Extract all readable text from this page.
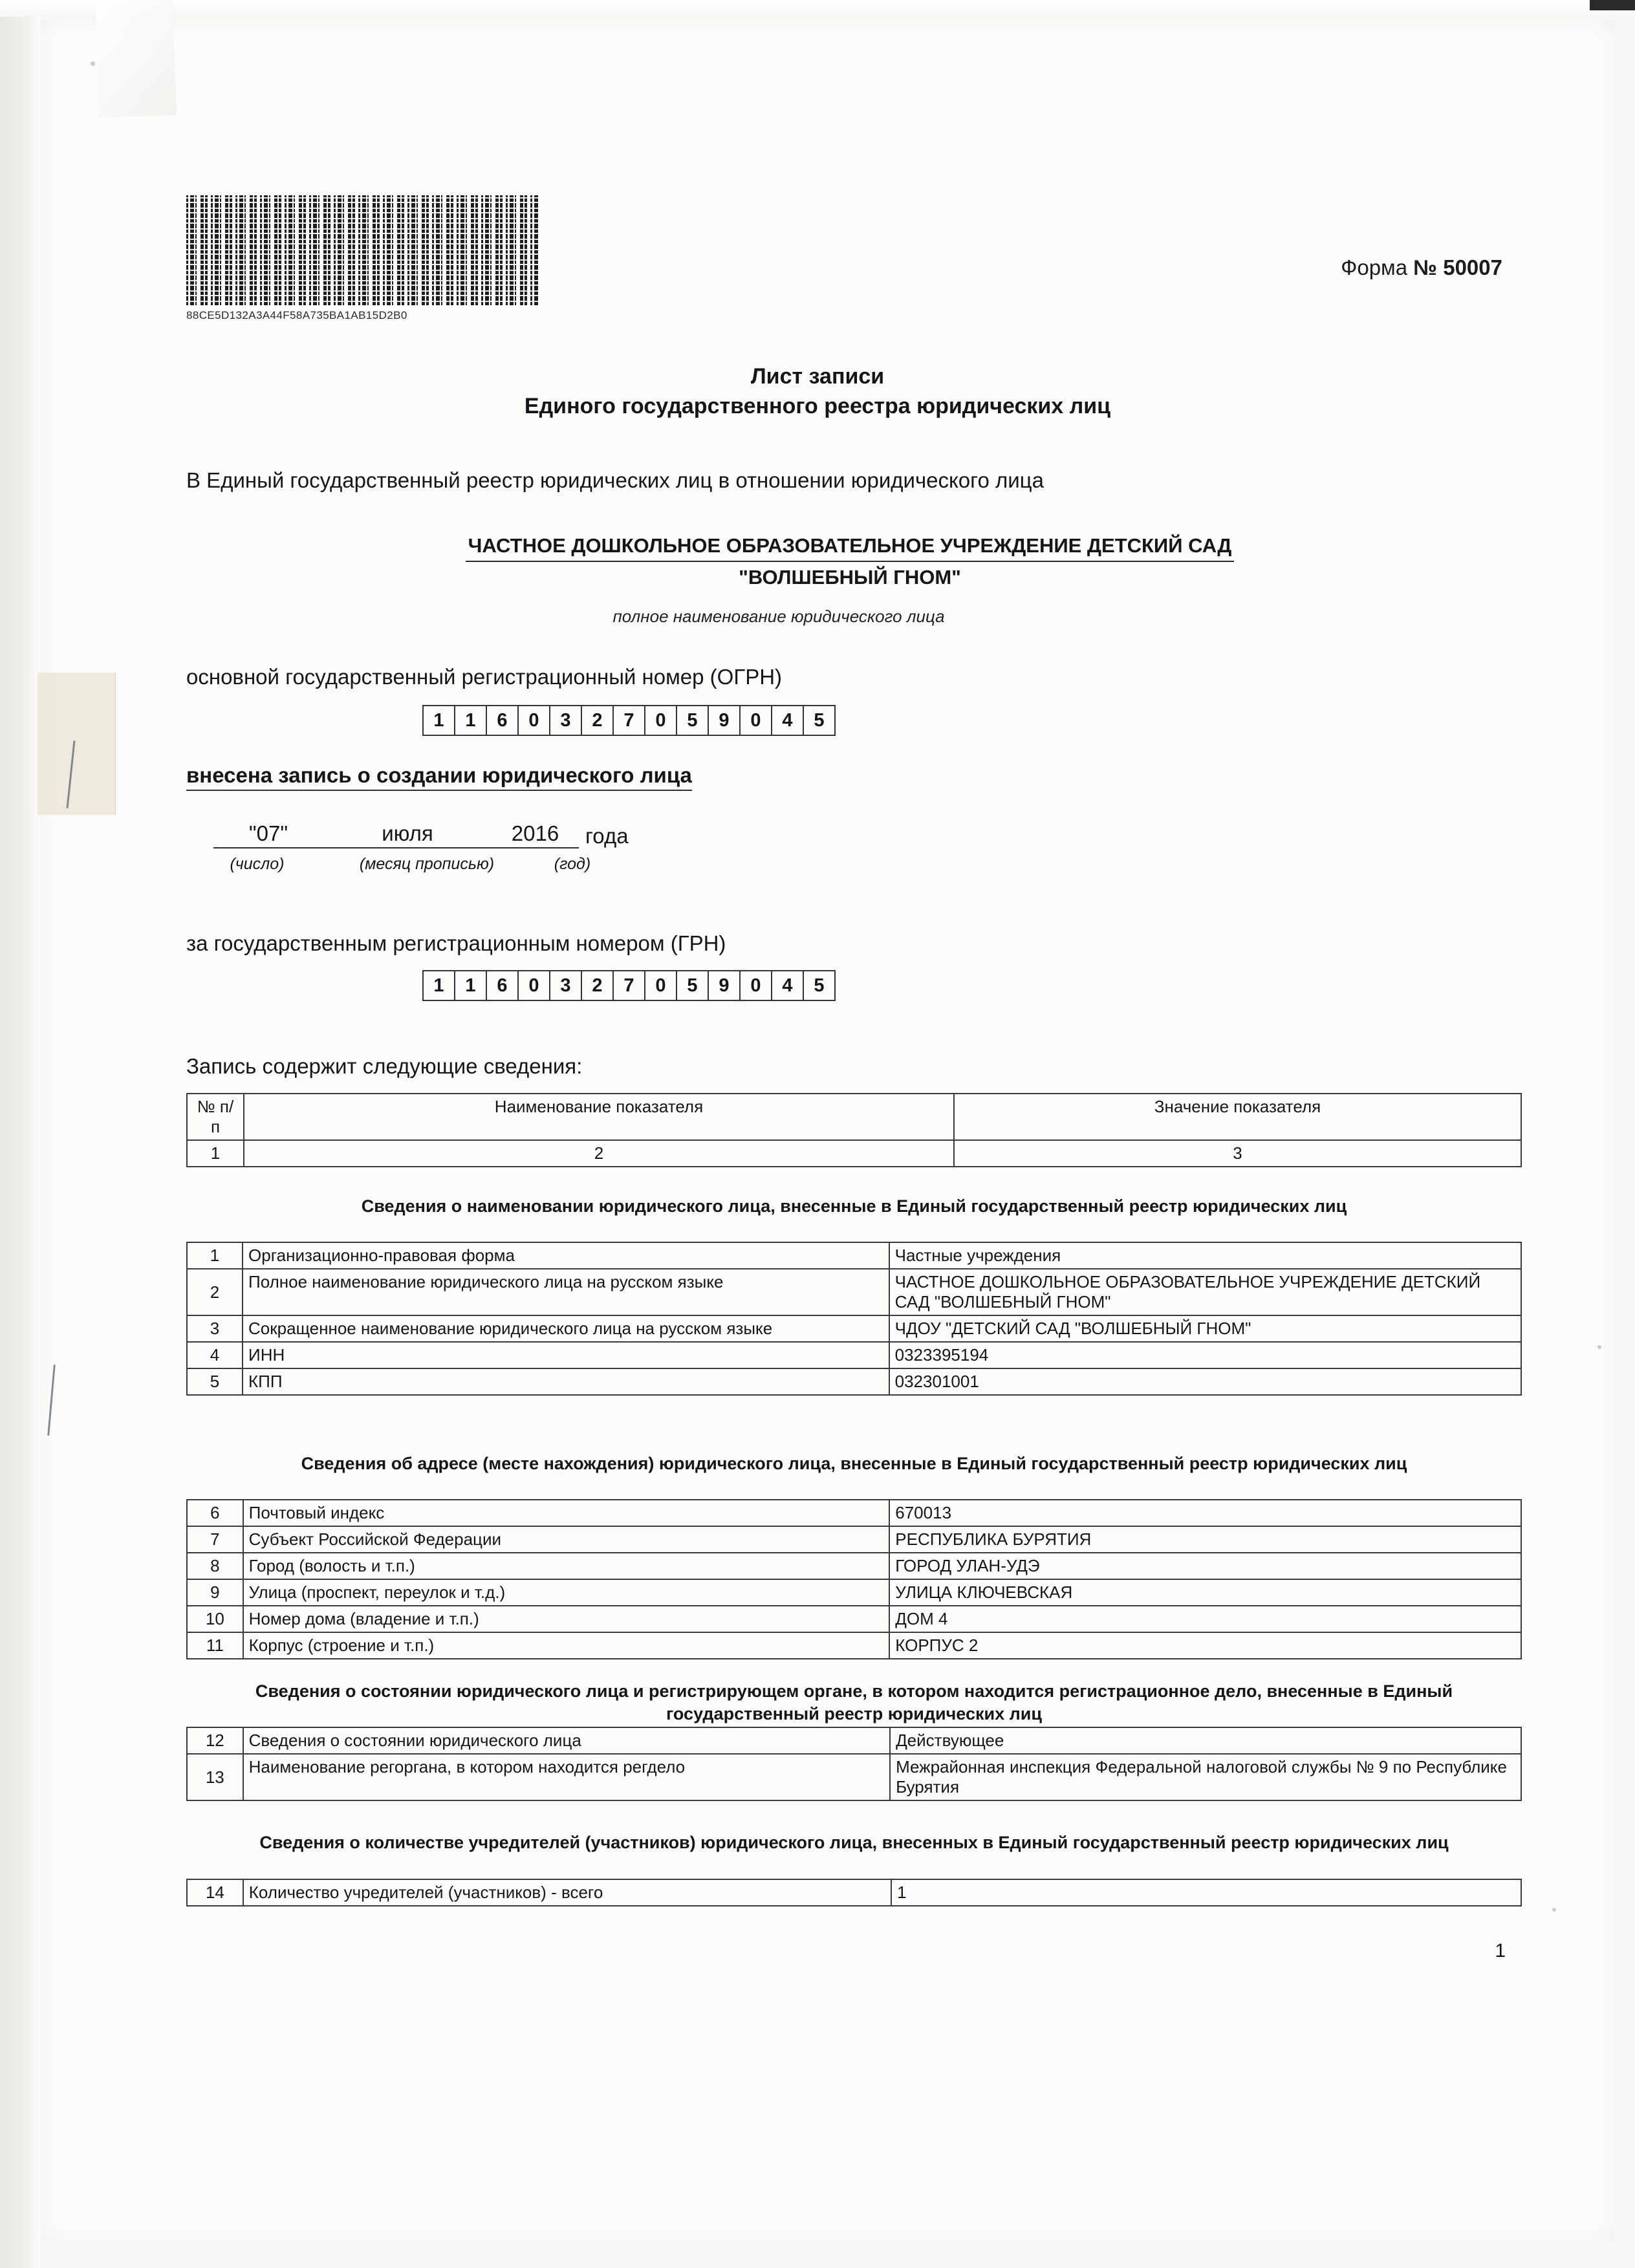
88CE5D132A3A44F58A735BA1AB15D2B0
Форма № 50007
Лист записи
Единого государственного реестра юридических лиц
В Единый государственный реестр юридических лиц в отношении юридического лица
ЧАСТНОЕ ДОШКОЛЬНОЕ ОБРАЗОВАТЕЛЬНОЕ УЧРЕЖДЕНИЕ ДЕТСКИЙ САД
"ВОЛШЕБНЫЙ ГНОМ"
полное наименование юридического лица
основной государственный регистрационный номер (ОГРН)
1	1	6	0	3	2	7	0	5	9	0	4	5
внесена запись о создании юридического лица
"07"	июля	2016	года
(число)	(месяц прописью)	(год)
за государственным регистрационным номером (ГРН)
1	1	6	0	3	2	7	0	5	9	0	4	5
Запись содержит следующие сведения:
№ п/п	Наименование показателя	Значение показателя
1	2	3
Сведения о наименовании юридического лица, внесенные в Единый государственный реестр юридических лиц
1	Организационно-правовая форма	Частные учреждения
2	Полное наименование юридического лица на русском языке	ЧАСТНОЕ ДОШКОЛЬНОЕ ОБРАЗОВАТЕЛЬНОЕ УЧРЕЖДЕНИЕ ДЕТСКИЙ САД "ВОЛШЕБНЫЙ ГНОМ"
3	Сокращенное наименование юридического лица на русском языке	ЧДОУ "ДЕТСКИЙ САД "ВОЛШЕБНЫЙ ГНОМ"
4	ИНН	0323395194
5	КПП	032301001
Сведения об адресе (месте нахождения) юридического лица, внесенные в Единый государственный реестр юридических лиц
6	Почтовый индекс	670013
7	Субъект Российской Федерации	РЕСПУБЛИКА БУРЯТИЯ
8	Город (волость и т.п.)	ГОРОД УЛАН-УДЭ
9	Улица (проспект, переулок и т.д.)	УЛИЦА КЛЮЧЕВСКАЯ
10	Номер дома (владение и т.п.)	ДОМ 4
11	Корпус (строение и т.п.)	КОРПУС 2
Сведения о состоянии юридического лица и регистрирующем органе, в котором находится регистрационное дело, внесенные в Единый государственный реестр юридических лиц
12	Сведения о состоянии юридического лица	Действующее
13	Наименование регоргана, в котором находится регдело	Межрайонная инспекция Федеральной налоговой службы № 9 по Республике Бурятия
Сведения о количестве учредителей (участников) юридического лица, внесенных в Единый государственный реестр юридических лиц
14	Количество учредителей (участников) - всего	1
1
